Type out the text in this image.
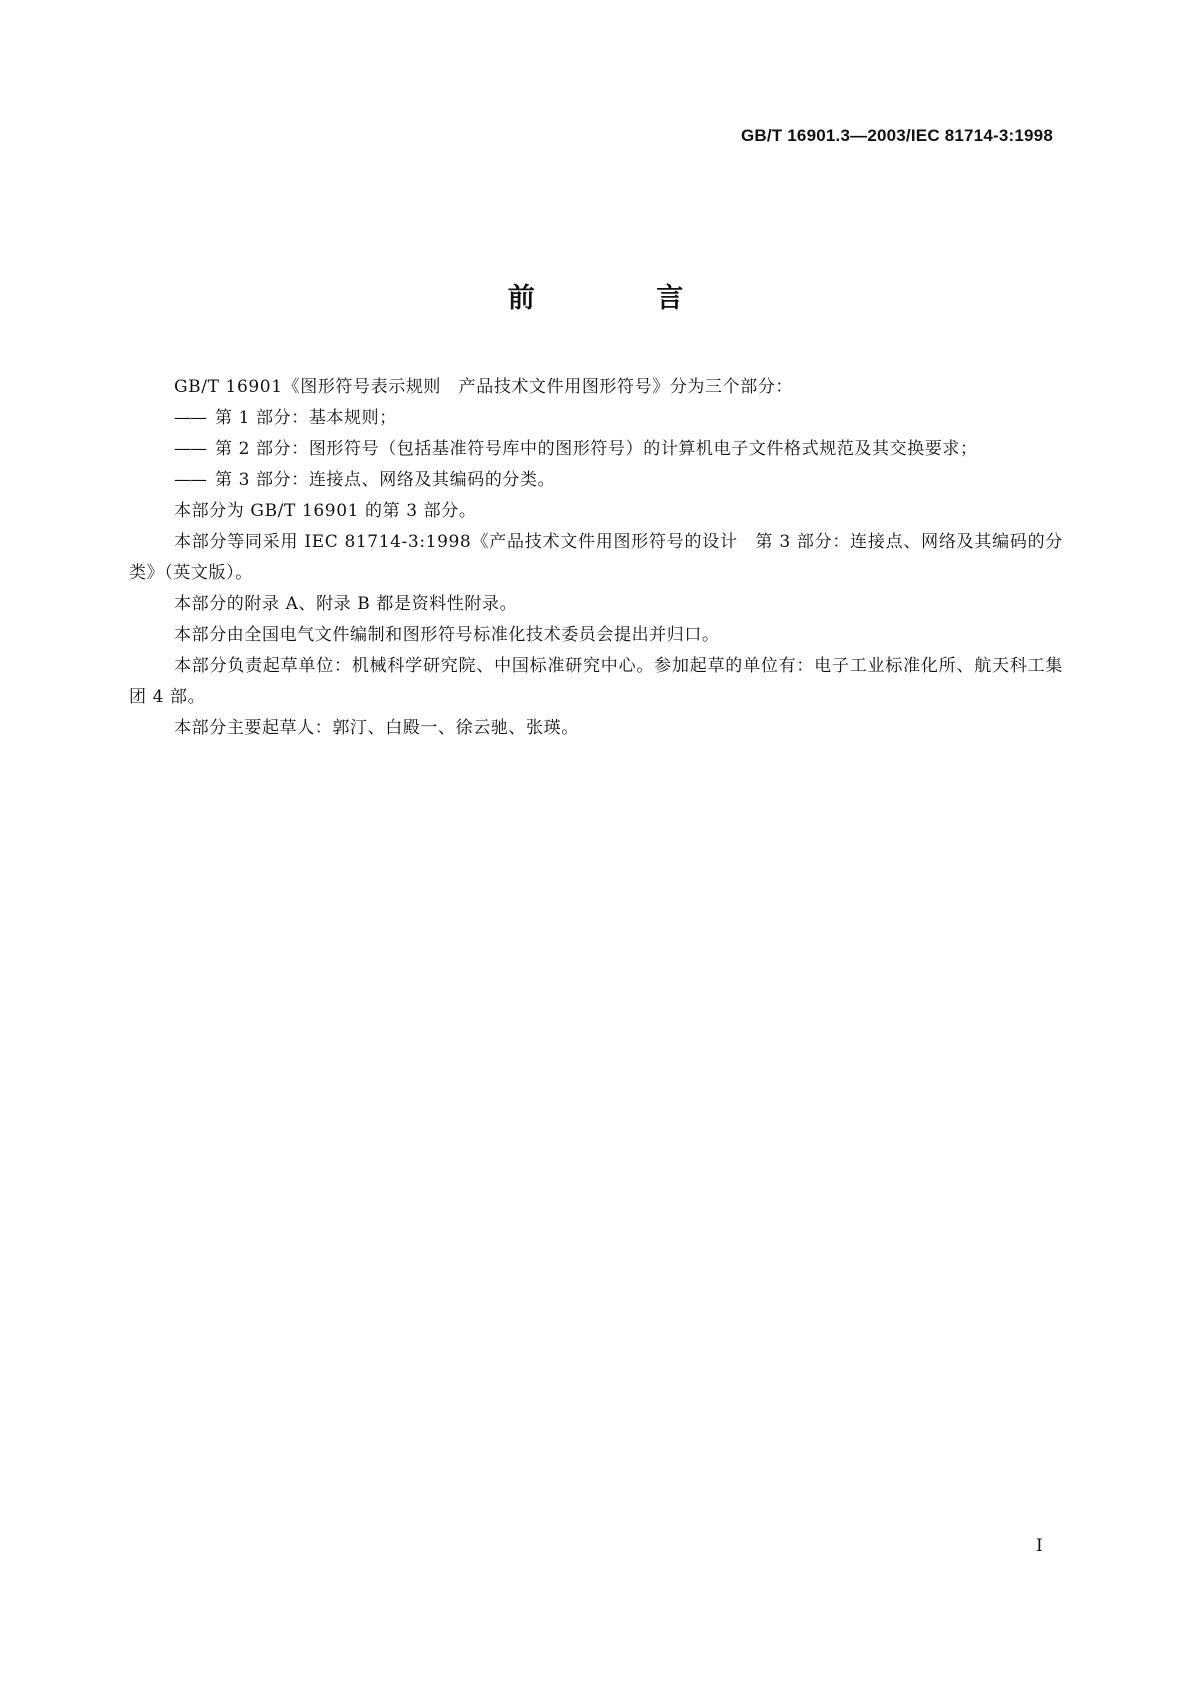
GB/T 16901.3—2003/IEC 81714-3:1998
前 言

GB/T 16901《图形符号表示规则　产品技术文件用图形符号》分为三个部分：

—— 第 1 部分：基本规则；
—— 第 2 部分：图形符号（包括基准符号库中的图形符号）的计算机电子文件格式规范及其交换要求；
—— 第 3 部分：连接点、网络及其编码的分类。

本部分为 GB/T 16901 的第 3 部分。

本部分等同采用 IEC 81714-3:1998《产品技术文件用图形符号的设计　第 3 部分：连接点、网络及其编码的分类》（英文版）。

本部分的附录 A、附录 B 都是资料性附录。

本部分由全国电气文件编制和图形符号标准化技术委员会提出并归口。

本部分负责起草单位：机械科学研究院、中国标准研究中心。参加起草的单位有：电子工业标准化所、航天科工集团 4 部。

本部分主要起草人：郭汀、白殿一、徐云驰、张瑛。

I
